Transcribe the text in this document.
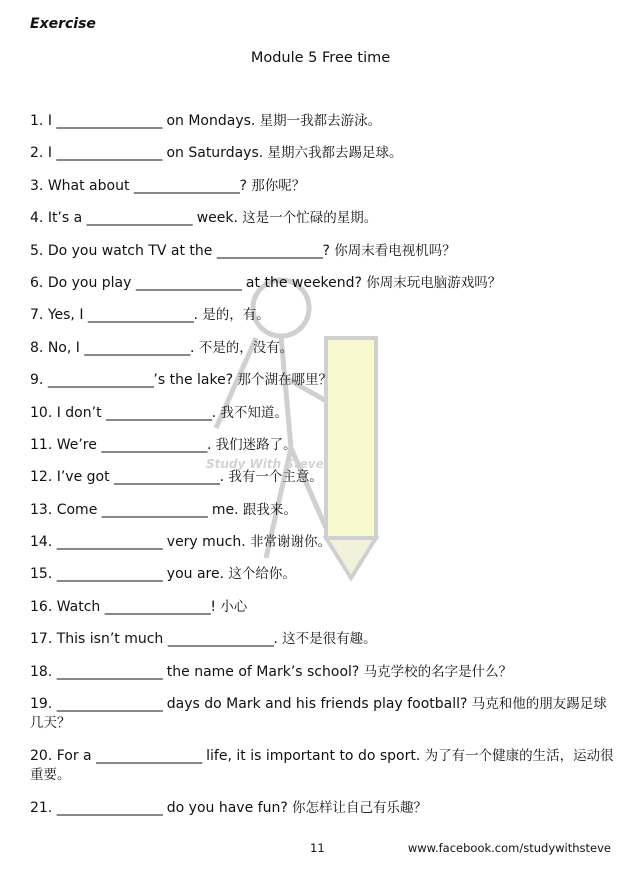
Exercise
Module 5 Free time
Study With Steve
1. I ________________ on Mondays. 星期一我都去游泳。
2. I ________________ on Saturdays. 星期六我都去踢足球。
3. What about ________________? 那你呢？
4. It’s a ________________ week. 这是一个忙碌的星期。
5. Do you watch TV at the ________________? 你周末看电视机吗？
6. Do you play ________________ at the weekend? 你周末玩电脑游戏吗？
7. Yes, I ________________. 是的，有。
8. No, I ________________. 不是的，没有。
9. ________________’s the lake? 那个湖在哪里？
10. I don’t ________________. 我不知道。
11. We’re ________________. 我们迷路了。
12. I’ve got ________________. 我有一个主意。
13. Come ________________ me. 跟我来。
14. ________________ very much. 非常谢谢你。
15. ________________ you are. 这个给你。
16. Watch ________________! 小心
17. This isn’t much ________________. 这不是很有趣。
18. ________________ the name of Mark’s school? 马克学校的名字是什么？
19. ________________ days do Mark and his friends play football? 马克和他的朋友踢足球几天？
20. For a ________________ life, it is important to do sport. 为了有一个健康的生活，运动很重要。
21. ________________ do you have fun? 你怎样让自己有乐趣？
11	www.facebook.com/studywithsteve
